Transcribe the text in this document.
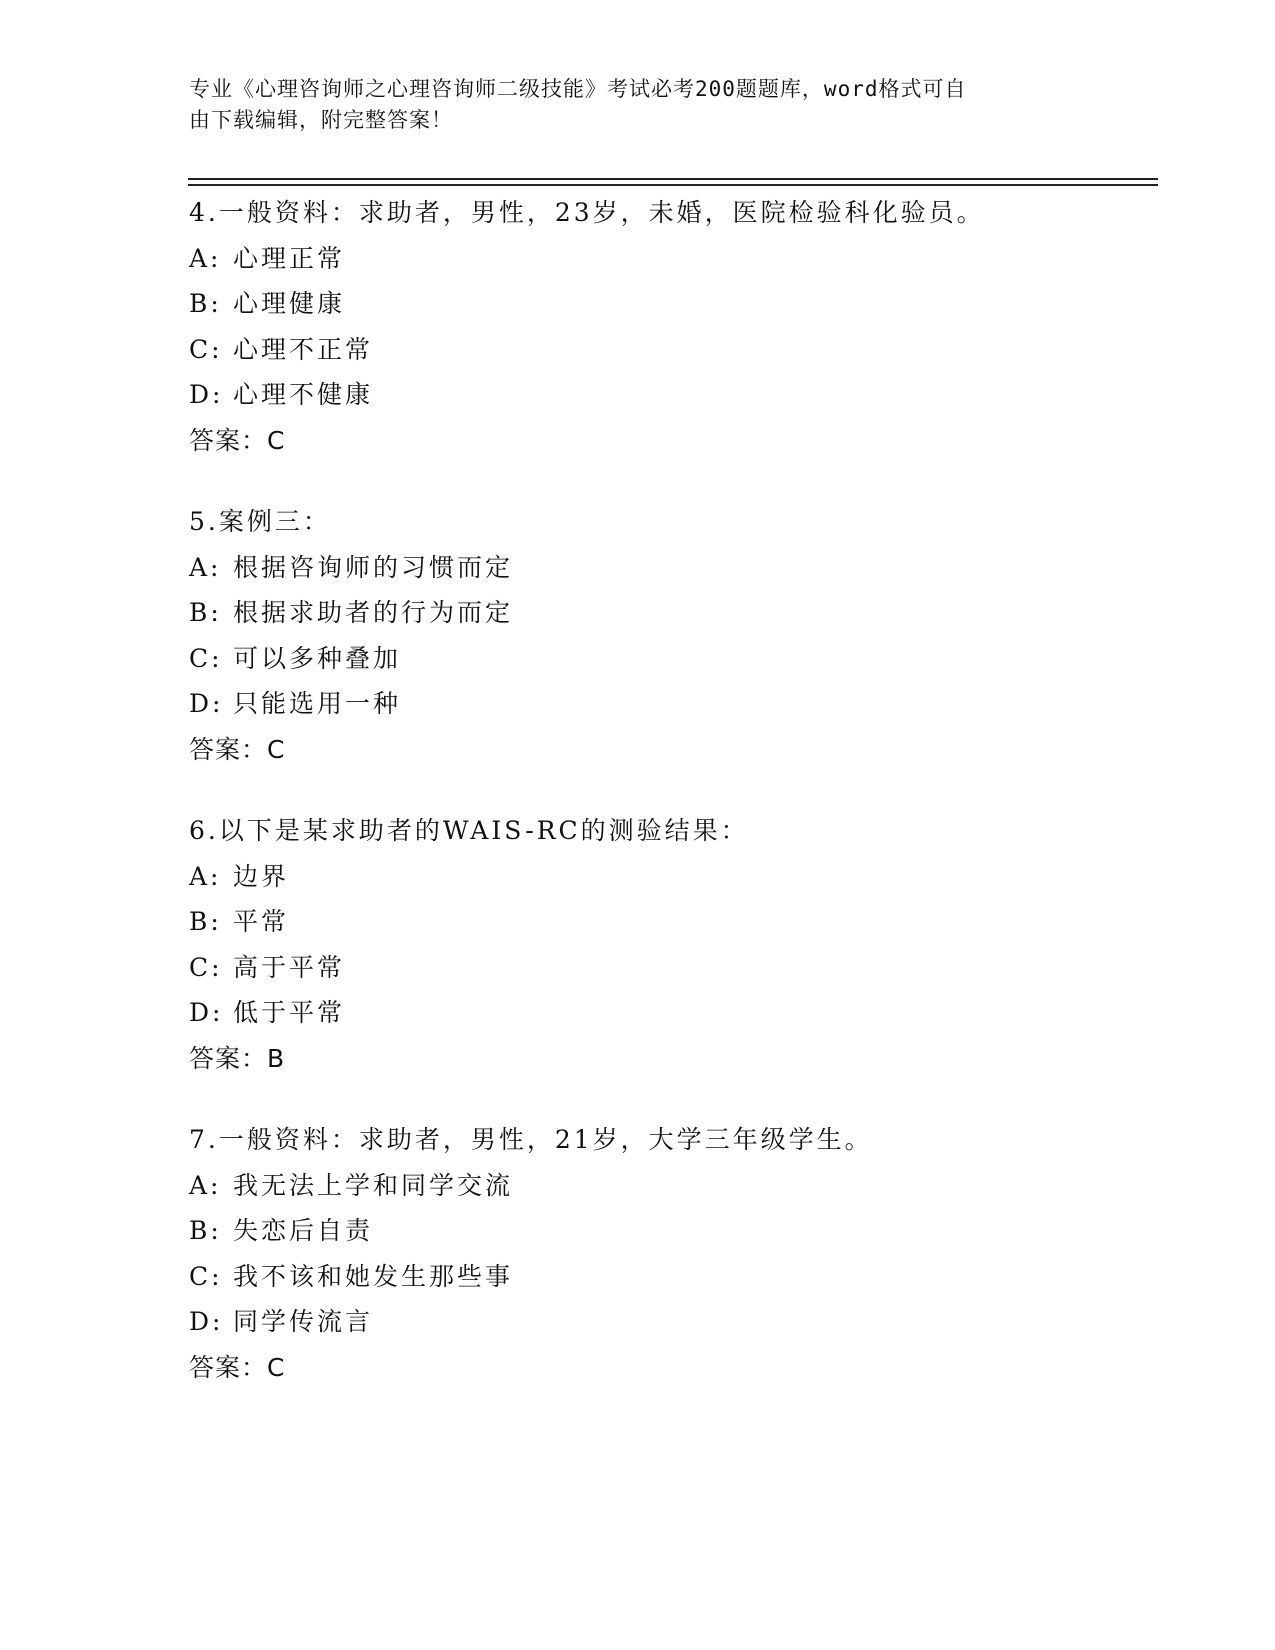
专业《心理咨询师之心理咨询师二级技能》考试必考200题题库，word格式可自
由下载编辑，附完整答案！
4.一般资料：求助者，男性，23岁，未婚，医院检验科化验员。
A: 心理正常
B: 心理健康
C: 心理不正常
D: 心理不健康
答案：C
5.案例三：
A: 根据咨询师的习惯而定
B: 根据求助者的行为而定
C: 可以多种叠加
D: 只能选用一种
答案：C
6.以下是某求助者的WAIS-RC的测验结果：
A: 边界
B: 平常
C: 高于平常
D: 低于平常
答案：B
7.一般资料：求助者，男性，21岁，大学三年级学生。
A: 我无法上学和同学交流
B: 失恋后自责
C: 我不该和她发生那些事
D: 同学传流言
答案：C
